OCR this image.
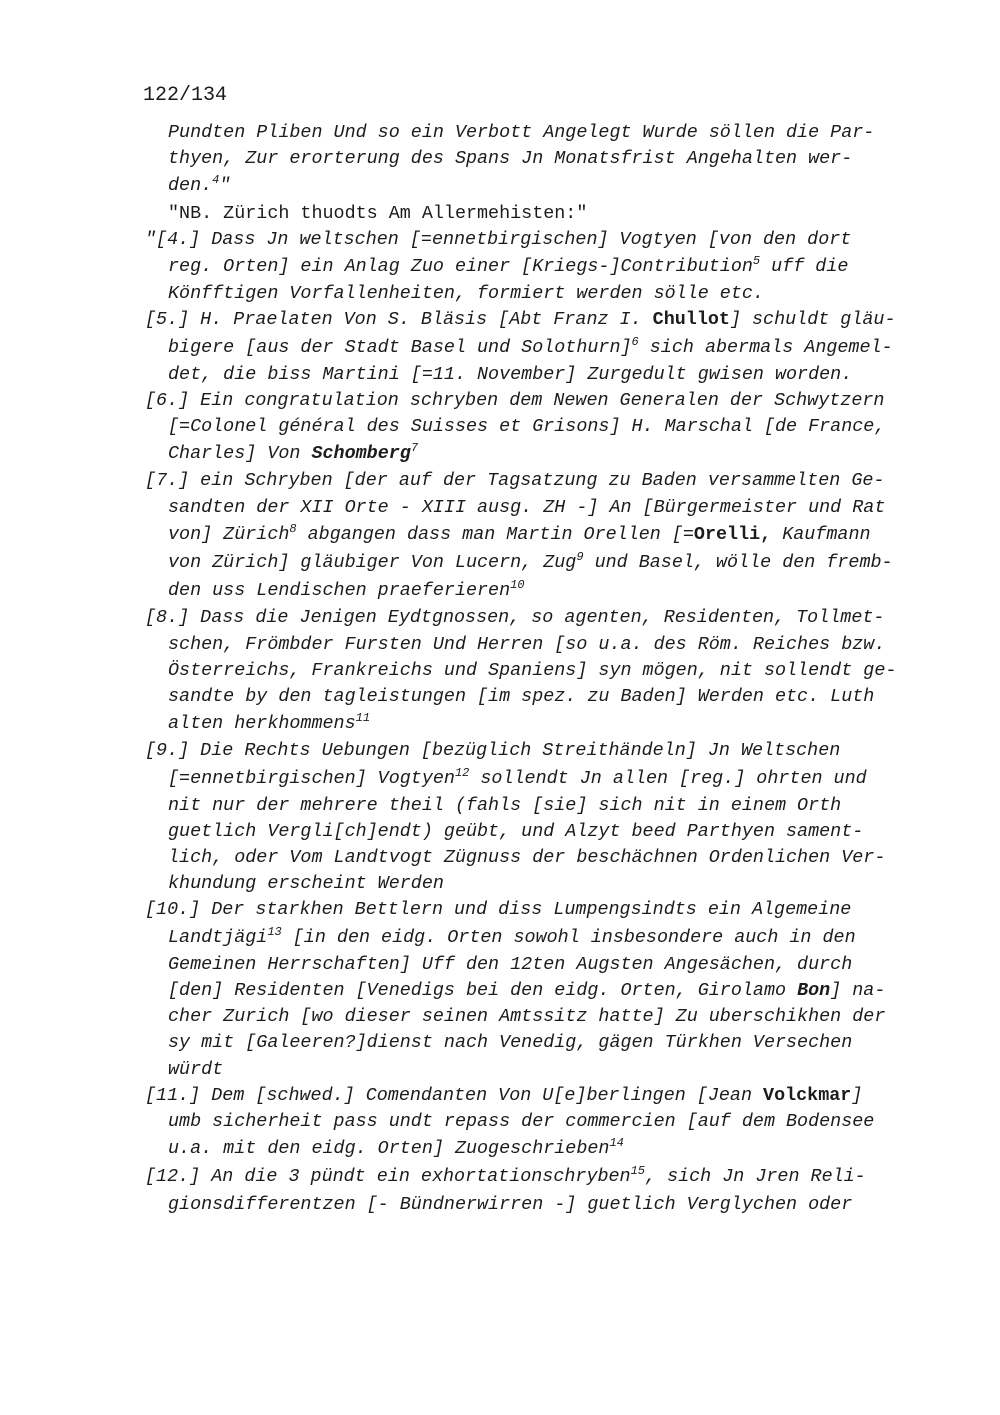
122/134
Pundten Pliben Und so ein Verbott Angelegt Wurde söllen die Par-
thyen, Zur erorterung des Spans Jn Monatsfrist Angehalten wer-
den.$^4$"
"NB. Zürich thuodts Am Allermehisten:"
"[4.] Dass Jn weltschen [=ennetbirgischen] Vogtyen [von den dort
reg. Orten] ein Anlag Zuo einer [Kriegs-]Contribution$^5$ uff die
Könfftigen Vorfallenheiten, formiert werden sölle etc.
[5.] H. Praelaten Von S. Bläsis [Abt Franz I. Chullot] schuldt gläu-
bigere [aus der Stadt Basel und Solothurn]$^6$ sich abermals Angemel-
det, die biss Martini [=11. November] Zurgedult gwisen worden.
[6.] Ein congratulation schryben dem Newen Generalen der Schwytzern
[=Colonel général des Suisses et Grisons] H. Marschal [de France,
Charles] Von Schomberg$^7$
[7.] ein Schryben [der auf der Tagsatzung zu Baden versammelten Ge-
sandten der XII Orte - XIII ausg. ZH -] An [Bürgermeister und Rat
von] Zürich$^8$ abgangen dass man Martin Orellen [=Orelli, Kaufmann
von Zürich] gläubiger Von Lucern, Zug$^9$ und Basel, wölle den fremb-
den uss Lendischen praeferieren$^{10}$
[8.] Dass die Jenigen Eydtgnossen, so agenten, Residenten, Tollmet-
schen, Frömbder Fursten Und Herren [so u.a. des Röm. Reiches bzw.
Österreichs, Frankreichs und Spaniens] syn mögen, nit sollendt ge-
sandte by den tagleistungen [im spez. zu Baden] Werden etc. Luth
alten herkhommens$^{11}$
[9.] Die Rechts Uebungen [bezüglich Streithändeln] Jn Weltschen
[=ennetbirgischen] Vogtyen$^{12}$ sollendt Jn allen [reg.] ohrten und
nit nur der mehrere theil (fahls [sie] sich nit in einem Orth
guetlich Vergli[ch]endt) geübt, und Alzyt beed Parthyen sament-
lich, oder Vom Landtvogt Zügnuss der beschächnen Ordenlichen Ver-
khundung erscheint Werden
[10.] Der starkhen Bettlern und diss Lumpengsindts ein Algemeine
Landtjägi$^{13}$ [in den eidg. Orten sowohl insbesondere auch in den
Gemeinen Herrschaften] Uff den 12ten Augsten Angesächen, durch
[den] Residenten [Venedigs bei den eidg. Orten, Girolamo Bon] na-
cher Zurich [wo dieser seinen Amtssitz hatte] Zu uberschikhen der
sy mit [Galeeren?]dienst nach Venedig, gägen Türkhen Versechen
würdt
[11.] Dem [schwed.] Comendanten Von U[e]berlingen [Jean Volckmar]
umb sicherheit pass undt repass der commercien [auf dem Bodensee
u.a. mit den eidg. Orten] Zuogeschrieben$^{14}$
[12.] An die 3 pündt ein exhortationschryben$^{15}$, sich Jn Jren Reli-
gionsdifferentzen [- Bündnerwirren -] guetlich Verglychen oder
